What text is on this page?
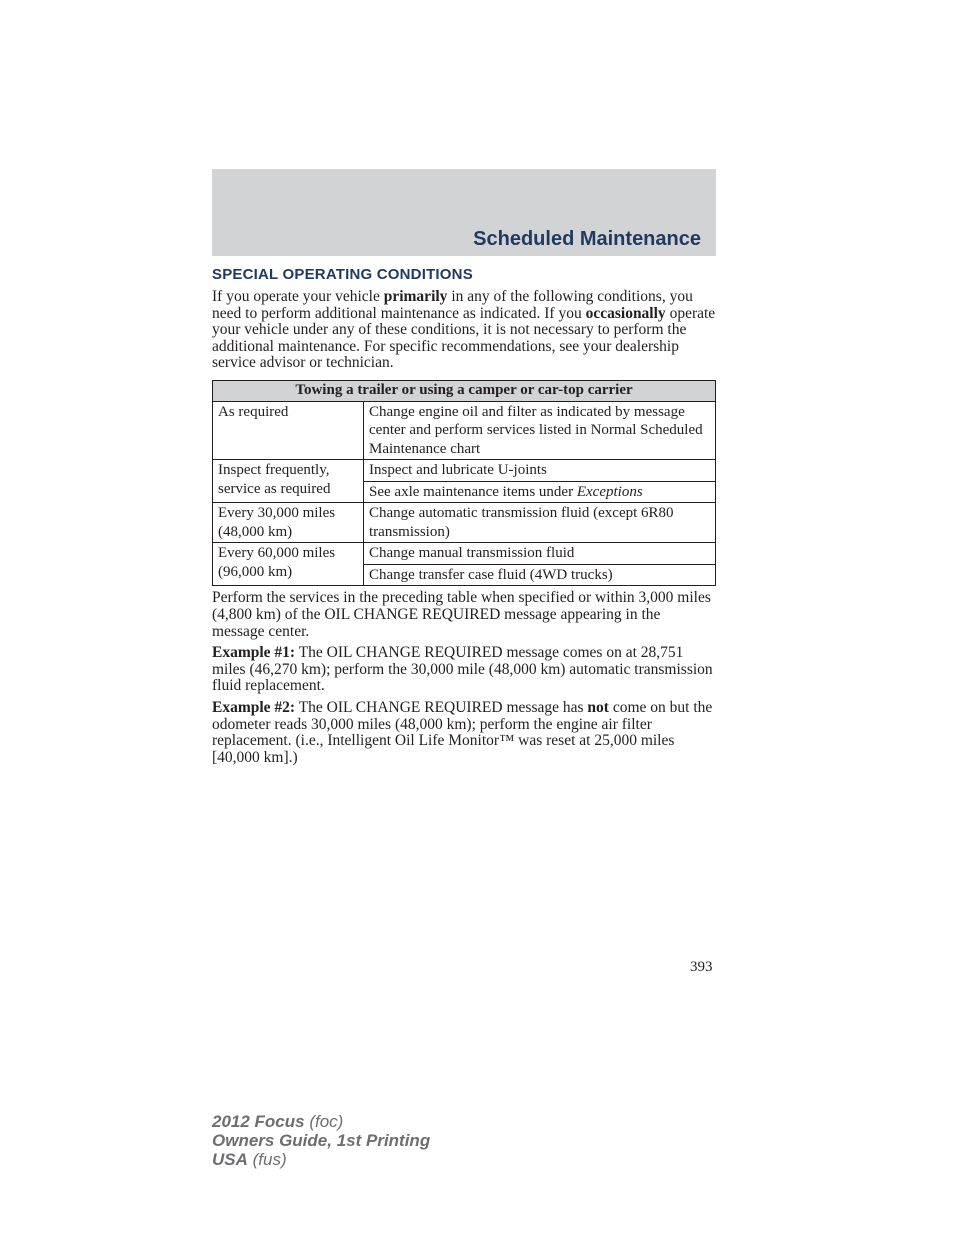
Scheduled Maintenance
SPECIAL OPERATING CONDITIONS

If you operate your vehicle primarily in any of the following conditions, you need to perform additional maintenance as indicated. If you occasionally operate your vehicle under any of these conditions, it is not necessary to perform the additional maintenance. For specific recommendations, see your dealership service advisor or technician.

Towing a trailer or using a camper or car-top carrier	
As required	Change engine oil and filter as indicated by message center and perform services listed in Normal Scheduled Maintenance chart
Inspect frequently, service as required	Inspect and lubricate U-joints
	See axle maintenance items under Exceptions
Every 30,000 miles (48,000 km)	Change automatic transmission fluid (except 6R80 transmission)
Every 60,000 miles (96,000 km)	Change manual transmission fluid
	Change transfer case fluid (4WD trucks)

Perform the services in the preceding table when specified or within 3,000 miles (4,800 km) of the OIL CHANGE REQUIRED message appearing in the message center.

Example #1: The OIL CHANGE REQUIRED message comes on at 28,751 miles (46,270 km); perform the 30,000 mile (48,000 km) automatic transmission fluid replacement.

Example #2: The OIL CHANGE REQUIRED message has not come on but the odometer reads 30,000 miles (48,000 km); perform the engine air filter replacement. (i.e., Intelligent Oil Life Monitor™ was reset at 25,000 miles [40,000 km].)

393
2012 Focus (foc)
Owners Guide, 1st Printing
USA (fus)
